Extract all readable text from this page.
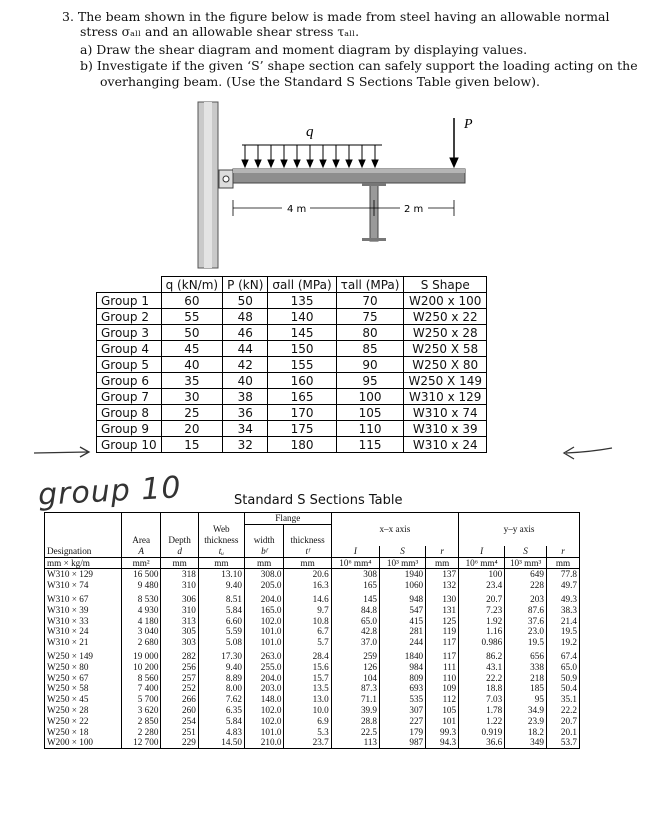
3. The beam shown in the figure below is made from steel having an allowable normal
stress σₐₗₗ and an allowable shear stress τₐₗₗ.
a) Draw the shear diagram and moment diagram by displaying values.
b) Investigate if the given ‘S’ shape section can safely support the loading acting on the
overhanging beam. (Use the Standard S Sections Table given below).
q	P
4 m	2 m
	q (kN/m)	P (kN)	σall (MPa)	τall (MPa)	S Shape
Group 1	60	50	135	70	W200 x 100
Group 2	55	48	140	75	W250 x 22
Group 3	50	46	145	80	W250 x 28
Group 4	45	44	150	85	W250 X 58
Group 5	40	42	155	90	W250 X 80
Group 6	35	40	160	95	W250 X 149
Group 7	30	38	165	100	W310 x 129
Group 8	25	36	170	105	W310 x 74
Group 9	20	34	175	110	W310 x 39
Group 10	15	32	180	115	W310 x 24
group 10	Standard S Sections Table
				Flange							
			Web			x–x axis			y–y axis		
	Area	Depth	thickness	width	thickness						
Designation	A	d	tᵤ	bᶠ	tᶠ	I	S	r	I	S	r
mm × kg/m	mm²	mm	mm	mm	mm	10⁶ mm⁴	10³ mm³	mm	10⁶ mm⁴	10³ mm³	mm
W310 × 129	16 500	318	13.10	308.0	20.6	308	1940	137	100	649	77.8
W310 × 74	9 480	310	9.40	205.0	16.3	165	1060	132	23.4	228	49.7
W310 × 67	8 530	306	8.51	204.0	14.6	145	948	130	20.7	203	49.3
W310 × 39	4 930	310	5.84	165.0	9.7	84.8	547	131	7.23	87.6	38.3
W310 × 33	4 180	313	6.60	102.0	10.8	65.0	415	125	1.92	37.6	21.4
W310 × 24	3 040	305	5.59	101.0	6.7	42.8	281	119	1.16	23.0	19.5
W310 × 21	2 680	303	5.08	101.0	5.7	37.0	244	117	0.986	19.5	19.2
W250 × 149	19 000	282	17.30	263.0	28.4	259	1840	117	86.2	656	67.4
W250 × 80	10 200	256	9.40	255.0	15.6	126	984	111	43.1	338	65.0
W250 × 67	8 560	257	8.89	204.0	15.7	104	809	110	22.2	218	50.9
W250 × 58	7 400	252	8.00	203.0	13.5	87.3	693	109	18.8	185	50.4
W250 × 45	5 700	266	7.62	148.0	13.0	71.1	535	112	7.03	95	35.1
W250 × 28	3 620	260	6.35	102.0	10.0	39.9	307	105	1.78	34.9	22.2
W250 × 22	2 850	254	5.84	102.0	6.9	28.8	227	101	1.22	23.9	20.7
W250 × 18	2 280	251	4.83	101.0	5.3	22.5	179	99.3	0.919	18.2	20.1
W200 × 100	12 700	229	14.50	210.0	23.7	113	987	94.3	36.6	349	53.7
